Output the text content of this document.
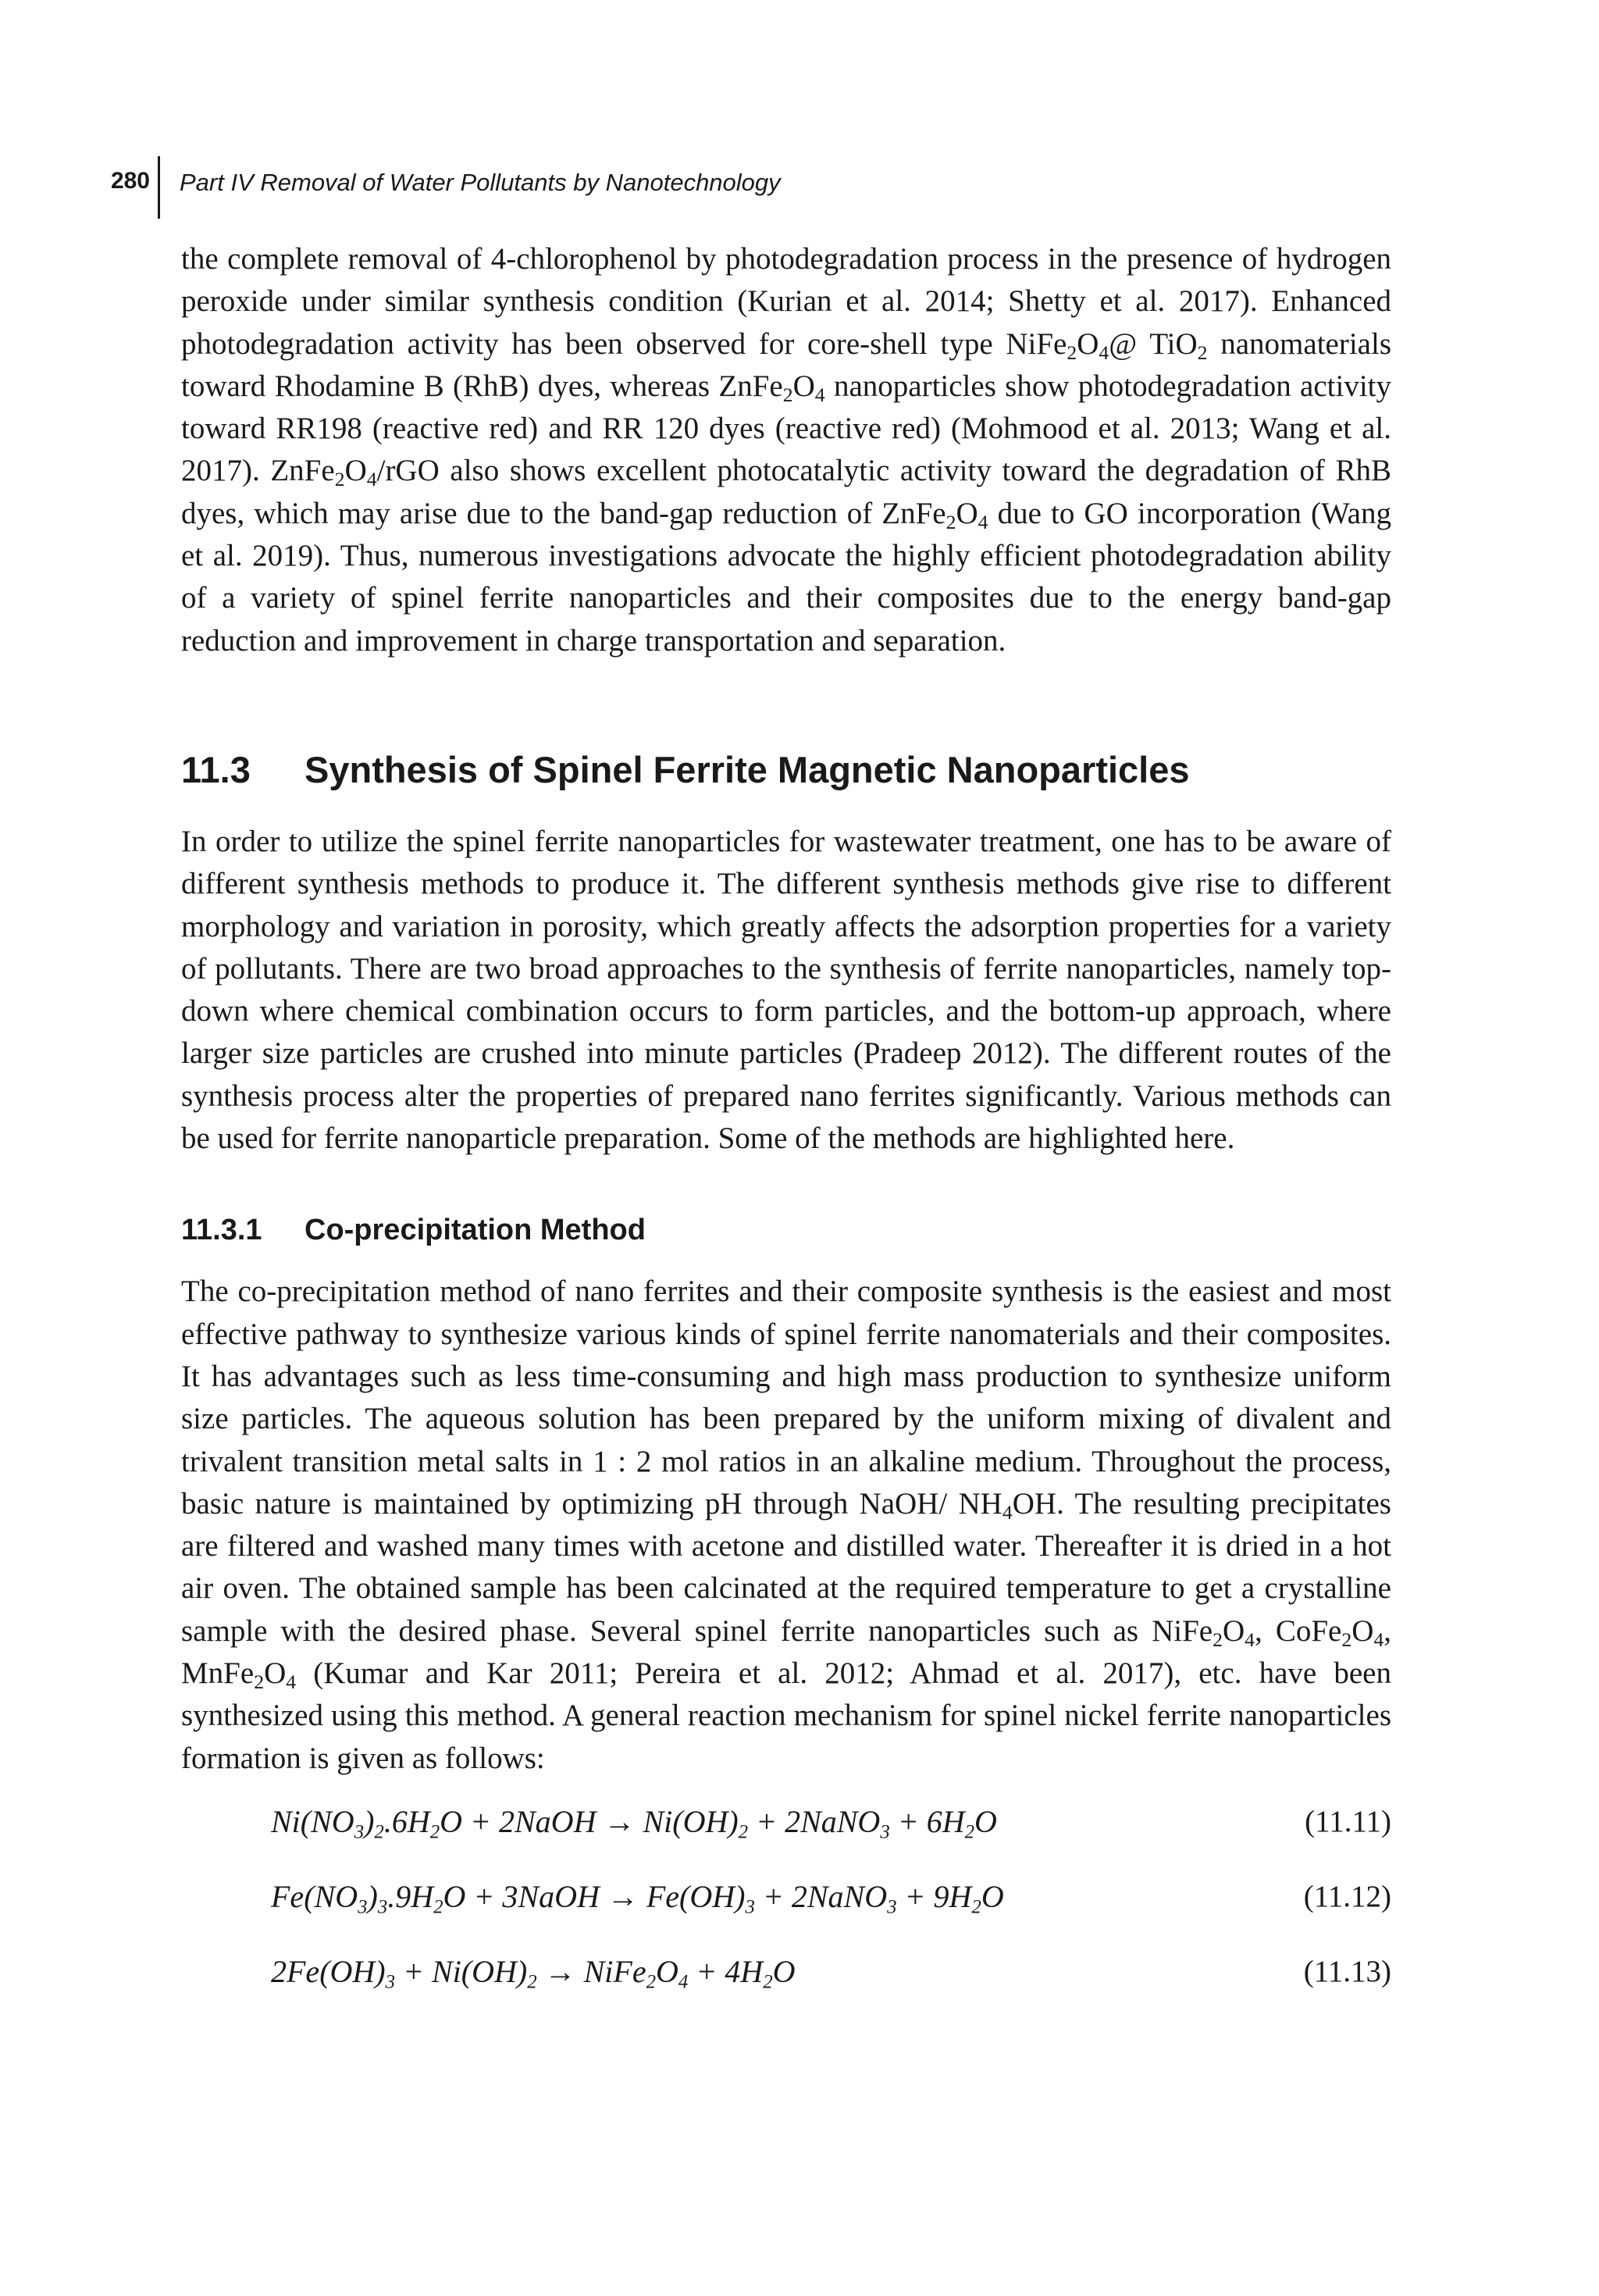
280 Part IV Removal of Water Pollutants by Nanotechnology

the complete removal of 4-chlorophenol by photodegradation process in the presence of hydrogen peroxide under similar synthesis condition (Kurian et al. 2014; Shetty et al. 2017). Enhanced photodegradation activity has been observed for core-shell type $NiFe_2O_4@$ TiO$_2$ nanomaterials toward Rhodamine B (RhB) dyes, whereas $ZnFe_2O_4$ nanoparticles show photodegradation activity toward RR198 (reactive red) and RR 120 dyes (reactive red) (Mohmood et al. 2013; Wang et al. 2017). $ZnFe_2O_4$/rGO also shows excellent photocatalytic activity toward the degradation of RhB dyes, which may arise due to the band-gap reduction of $ZnFe_2O_4$ due to GO incorporation (Wang et al. 2019). Thus, numerous investigations advocate the highly efficient photodegradation ability of a variety of spinel ferrite nanoparticles and their composites due to the energy band-gap reduction and improvement in charge transportation and separation.

11.3 Synthesis of Spinel Ferrite Magnetic Nanoparticles

In order to utilize the spinel ferrite nanoparticles for wastewater treatment, one has to be aware of different synthesis methods to produce it. The different synthesis methods give rise to different morphology and variation in porosity, which greatly affects the adsorption properties for a variety of pollutants. There are two broad approaches to the synthesis of ferrite nanoparticles, namely top-down where chemical combination occurs to form particles, and the bottom-up approach, where larger size particles are crushed into minute particles (Pradeep 2012). The different routes of the synthesis process alter the properties of prepared nano ferrites significantly. Various methods can be used for ferrite nanoparticle preparation. Some of the methods are highlighted here.

11.3.1 Co-precipitation Method

The co-precipitation method of nano ferrites and their composite synthesis is the easiest and most effective pathway to synthesize various kinds of spinel ferrite nanomaterials and their composites. It has advantages such as less time-consuming and high mass production to synthesize uniform size particles. The aqueous solution has been prepared by the uniform mixing of divalent and trivalent transition metal salts in 1 : 2 mol ratios in an alkaline medium. Throughout the process, basic nature is maintained by optimizing pH through NaOH/ $NH_4OH$. The resulting precipitates are filtered and washed many times with acetone and distilled water. Thereafter it is dried in a hot air oven. The obtained sample has been calcinated at the required temperature to get a crystalline sample with the desired phase. Several spinel ferrite nanoparticles such as $NiFe_2O_4$, $CoFe_2O_4$, $MnFe_2O_4$ (Kumar and Kar 2011; Pereira et al. 2012; Ahmad et al. 2017), etc. have been synthesized using this method. A general reaction mechanism for spinel nickel ferrite nanoparticles formation is given as follows:

$Ni(NO_3)_2.6H_2O$ + 2NaOH → $Ni(OH)_2$ + 2NaNO$_3$ + $6H_2O$	(11.11)
$Fe(NO_3)_3.9H_2O$ + 3NaOH → $Fe(OH)_3$ + 2NaNO$_3$ + $9H_2O$	(11.12)
$2Fe(OH)_3 + Ni(OH)_2$ → $NiFe_2O_4 + 4H_2O$	(11.13)
